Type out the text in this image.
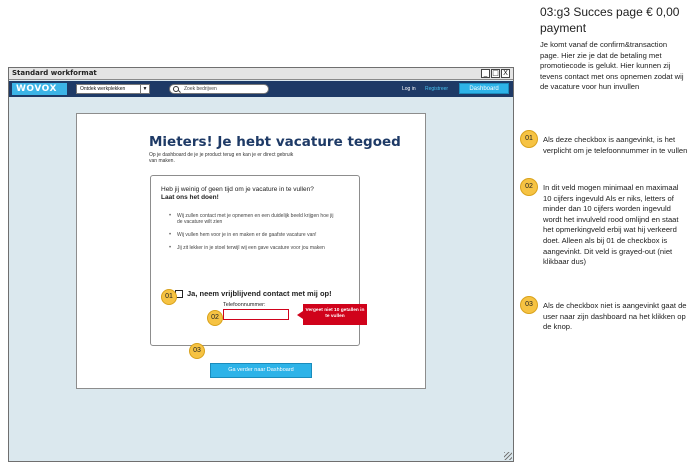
Standard workformat	_ □ X
WOVOX	Ontdek werkplekken	▼	Zoek bedrijven	Log in Registreer	Dashboard
Mieters! Je hebt vacature tegoed

Op je dashboard de je je product terug en kan je er direct gebruik van maken.

Heb jij weinig of geen tijd om je vacature in te vullen?
Laat ons het doen!
• Wij zullen contact met je opnemen en een duidelijk beeld krijgen hoe jij de vacature wilt zien
• Wij vullen hem voor je in en maken er de gaafste vacature van!
• Jij zit lekker in je stoel terwijl wij een gave vacature voor jou maken
Ja, neem vrijblijvend contact met mij op!
Telefoonnummer:
Vergeet niet 10 getallen in te vullen
Ga verder naar Dashboard
01
02
03
03:g3 Succes page € 0,00 payment
Je komt vanaf de confirm&transaction page. Hier zie je dat de betaling met promotiecode is gelukt. Hier kunnen zij tevens contact met ons opnemen zodat wij de vacature voor hun invullen
01	Als deze checkbox is aangevinkt, is het verplicht om je telefoonnummer in te vullen
02	In dit veld mogen minimaal en maximaal 10 cijfers ingevuld Als er niks, letters of minder dan 10 cijfers worden ingevuld wordt het invulveld rood omlijnd en staat het opmerkingveld erbij wat hij verkeerd doet. Alleen als bij 01 de checkbox is aangevinkt. Dit veld is grayed-out (niet klikbaar dus)
03	Als de checkbox niet is aangevinkt gaat de user naar zijn dashboard na het klikken op de knop.
